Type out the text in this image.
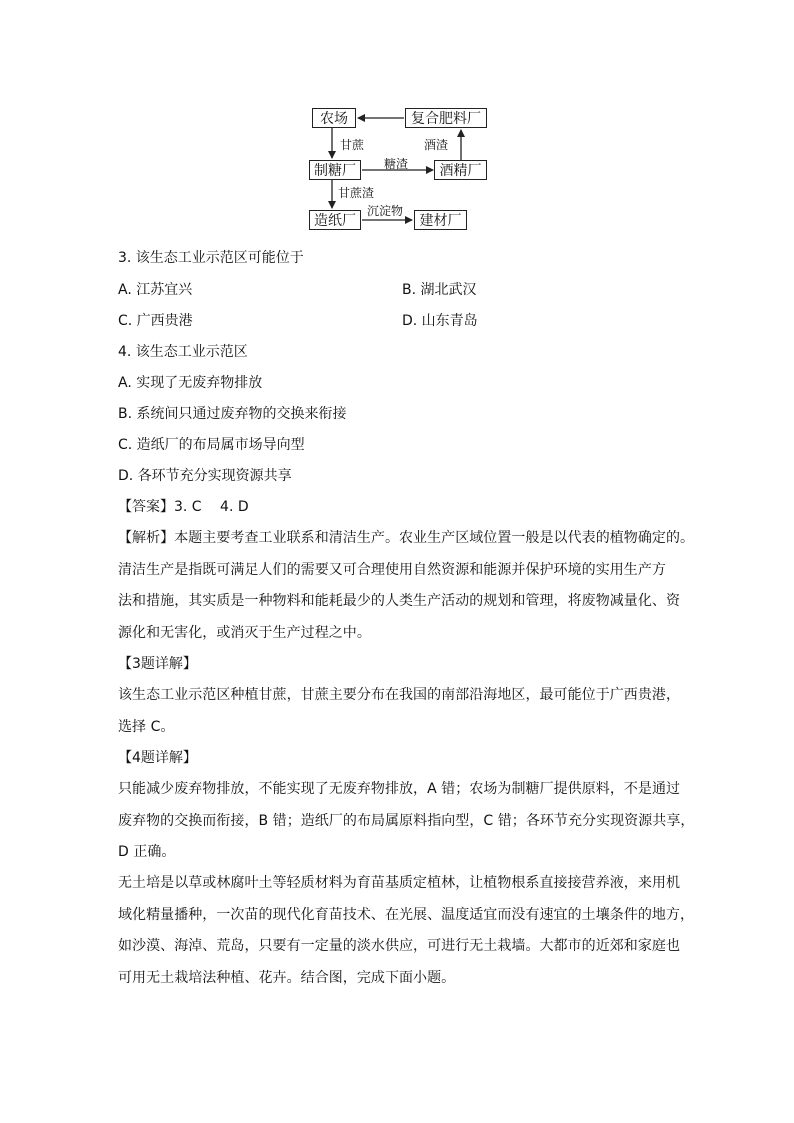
农场	复合肥料厂
制糖厂	酒精厂
造纸厂	建材厂
甘蔗	酒渣
糖渣
甘蔗渣
沉淀物
3. 该生态工业示范区可能位于
A. 江苏宜兴	B. 湖北武汉
C. 广西贵港	D. 山东青岛
4. 该生态工业示范区
A. 实现了无废弃物排放
B. 系统间只通过废弃物的交换来衔接
C. 造纸厂的布局属市场导向型
D. 各环节充分实现资源共享
【答案】3. C　 4. D
【解析】本题主要考查工业联系和清洁生产。农业生产区域位置一般是以代表的植物确定的。
清洁生产是指既可满足人们的需要又可合理使用自然资源和能源并保护环境的实用生产方
法和措施，其实质是一种物料和能耗最少的人类生产活动的规划和管理，将废物减量化、资
源化和无害化，或消灭于生产过程之中。
【3题详解】
该生态工业示范区种植甘蔗，甘蔗主要分布在我国的南部沿海地区，最可能位于广西贵港，
选择 C。
【4题详解】
只能减少废弃物排放，不能实现了无废弃物排放，A 错；农场为制糖厂提供原料，不是通过
废弃物的交换而衔接，B 错；造纸厂的布局属原料指向型，C 错；各环节充分实现资源共享，
D 正确。
无土培是以草或林腐叶土等轻质材料为育苗基质定植林，让植物根系直接接营养液，来用机
域化精量播种，一次苗的现代化育苗技术、在光展、温度适宜而没有速宜的土壤条件的地方，
如沙漠、海淖、荒岛，只要有一定量的淡水供应，可进行无土栽墙。大都市的近郊和家庭也
可用无土栽培法种植、花卉。结合图，完成下面小题。
